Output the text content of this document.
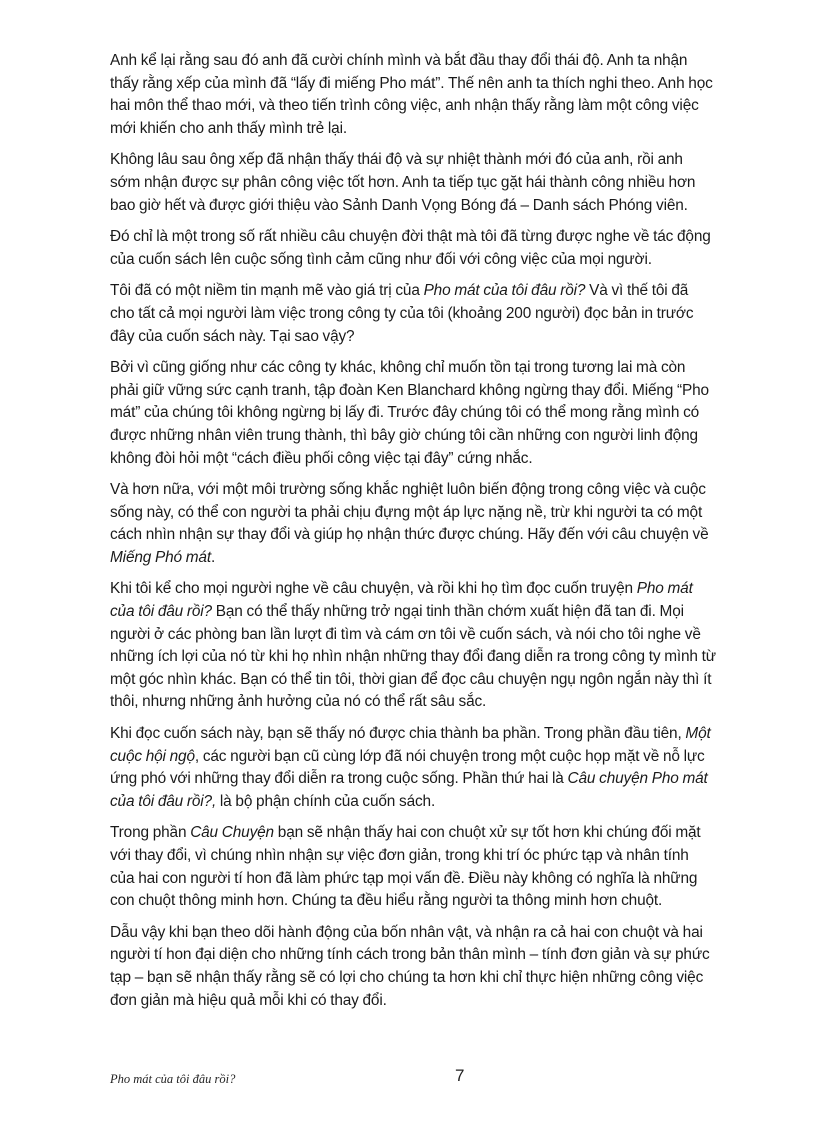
Anh kể lại rằng sau đó anh đã cười chính mình và bắt đầu thay đổi thái độ. Anh ta nhận thấy rằng xếp của mình đã “lấy đi miếng Pho mát”. Thế nên anh ta thích nghi theo. Anh học hai môn thể thao mới, và theo tiến trình công việc, anh nhận thấy rằng làm một công việc mới khiến cho anh thấy mình trẻ lại.

Không lâu sau ông xếp đã nhận thấy thái độ và sự nhiệt thành mới đó của anh, rồi anh sớm nhận được sự phân công việc tốt hơn. Anh ta tiếp tục gặt hái thành công nhiều hơn bao giờ hết và được giới thiệu vào Sảnh Danh Vọng Bóng đá – Danh sách Phóng viên.

Đó chỉ là một trong số rất nhiều câu chuyện đời thật mà tôi đã từng được nghe về tác động của cuốn sách lên cuộc sống tình cảm cũng như đối với công việc của mọi người.

Tôi đã có một niềm tin mạnh mẽ vào giá trị của Pho mát của tôi đâu rồi? Và vì thế tôi đã cho tất cả mọi người làm việc trong công ty của tôi (khoảng 200 người) đọc bản in trước đây của cuốn sách này. Tại sao vậy?

Bởi vì cũng giống như các công ty khác, không chỉ muốn tồn tại trong tương lai mà còn phải giữ vững sức cạnh tranh, tập đoàn Ken Blanchard không ngừng thay đổi. Miếng “Pho mát” của chúng tôi không ngừng bị lấy đi. Trước đây chúng tôi có thể mong rằng mình có được những nhân viên trung thành, thì bây giờ chúng tôi cần những con người linh động không đòi hỏi một “cách điều phối công việc tại đây” cứng nhắc.

Và hơn nữa, với một môi trường sống khắc nghiệt luôn biến động trong công việc và cuộc sống này, có thể con người ta phải chịu đựng một áp lực nặng nề, trừ khi người ta có một cách nhìn nhận sự thay đổi và giúp họ nhận thức được chúng. Hãy đến với câu chuyện về Miếng Phó mát.

Khi tôi kể cho mọi người nghe về câu chuyện, và rồi khi họ tìm đọc cuốn truyện Pho mát của tôi đâu rồi? Bạn có thể thấy những trở ngại tinh thần chớm xuất hiện đã tan đi. Mọi người ở các phòng ban lần lượt đi tìm và cám ơn tôi về cuốn sách, và nói cho tôi nghe về những ích lợi của nó từ khi họ nhìn nhận những thay đổi đang diễn ra trong công ty mình từ một góc nhìn khác. Bạn có thể tin tôi, thời gian để đọc câu chuyện ngụ ngôn ngắn này thì ít thôi, nhưng những ảnh hưởng của nó có thể rất sâu sắc.

Khi đọc cuốn sách này, bạn sẽ thấy nó được chia thành ba phần. Trong phần đầu tiên, Một cuộc hội ngộ, các người bạn cũ cùng lớp đã nói chuyện trong một cuộc họp mặt về nỗ lực ứng phó với những thay đổi diễn ra trong cuộc sống. Phần thứ hai là Câu chuyện Pho mát của tôi đâu rồi?, là bộ phận chính của cuốn sách.

Trong phần Câu Chuyện bạn sẽ nhận thấy hai con chuột xử sự tốt hơn khi chúng đối mặt với thay đổi, vì chúng nhìn nhận sự việc đơn giản, trong khi trí óc phức tạp và nhân tính của hai con người tí hon đã làm phức tạp mọi vấn đề. Điều này không có nghĩa là những con chuột thông minh hơn. Chúng ta đều hiểu rằng người ta thông minh hơn chuột.

Dẫu vậy khi bạn theo dõi hành động của bốn nhân vật, và nhận ra cả hai con chuột và hai người tí hon đại diện cho những tính cách trong bản thân mình – tính đơn giản và sự phức tạp – bạn sẽ nhận thấy rằng sẽ có lợi cho chúng ta hơn khi chỉ thực hiện những công việc đơn giản mà hiệu quả mỗi khi có thay đổi.

Pho mát của tôi đâu rồi?	7
